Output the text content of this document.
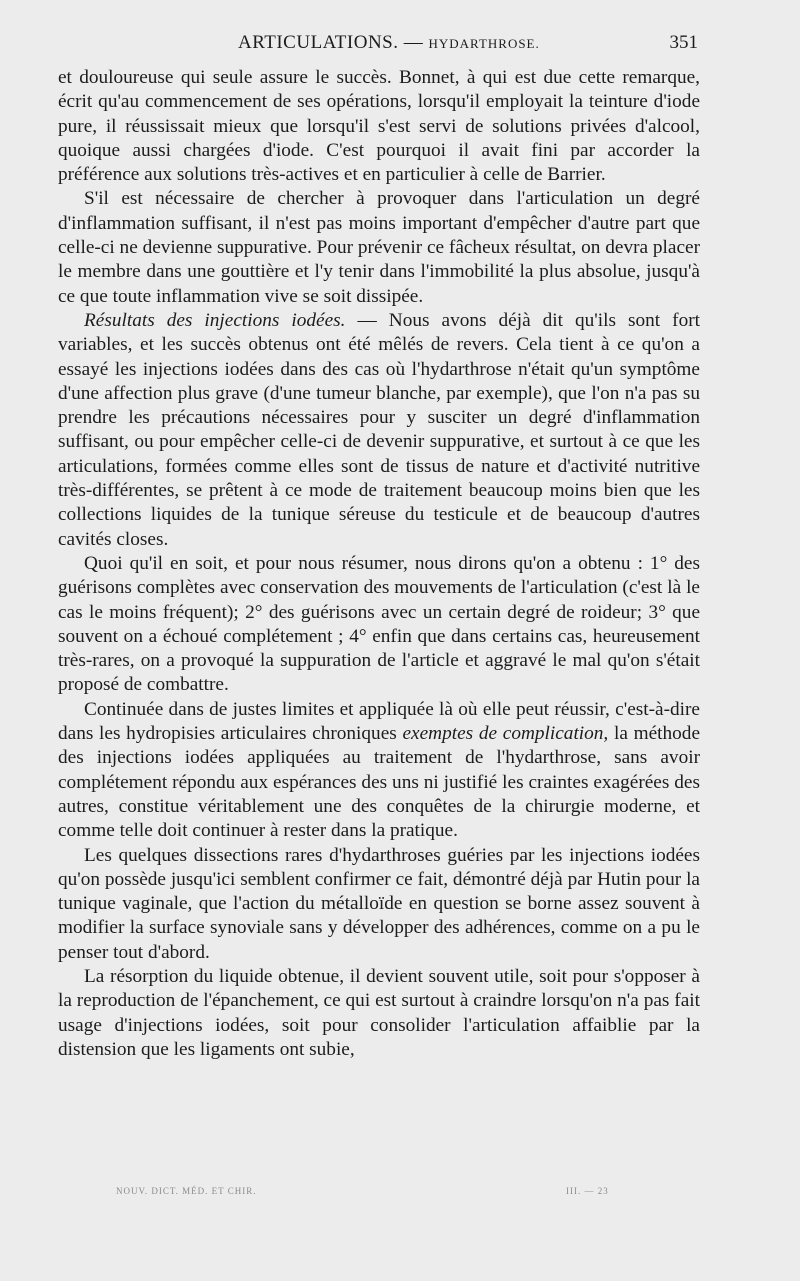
ARTICULATIONS. — HYDARTHROSE.	351

et douloureuse qui seule assure le succès. Bonnet, à qui est due cette remarque, écrit qu'au commencement de ses opérations, lorsqu'il employait la teinture d'iode pure, il réussissait mieux que lorsqu'il s'est servi de solutions privées d'alcool, quoique aussi chargées d'iode. C'est pourquoi il avait fini par accorder la préférence aux solutions très-actives et en particulier à celle de Barrier.

S'il est nécessaire de chercher à provoquer dans l'articulation un degré d'inflammation suffisant, il n'est pas moins important d'empêcher d'autre part que celle-ci ne devienne suppurative. Pour prévenir ce fâcheux résultat, on devra placer le membre dans une gouttière et l'y tenir dans l'immobilité la plus absolue, jusqu'à ce que toute inflammation vive se soit dissipée.

Résultats des injections iodées. — Nous avons déjà dit qu'ils sont fort variables, et les succès obtenus ont été mêlés de revers. Cela tient à ce qu'on a essayé les injections iodées dans des cas où l'hydarthrose n'était qu'un symptôme d'une affection plus grave (d'une tumeur blanche, par exemple), que l'on n'a pas su prendre les précautions nécessaires pour y susciter un degré d'inflammation suffisant, ou pour empêcher celle-ci de devenir suppurative, et surtout à ce que les articulations, formées comme elles sont de tissus de nature et d'activité nutritive très-différentes, se prêtent à ce mode de traitement beaucoup moins bien que les collections liquides de la tunique séreuse du testicule et de beaucoup d'autres cavités closes.

Quoi qu'il en soit, et pour nous résumer, nous dirons qu'on a obtenu : 1° des guérisons complètes avec conservation des mouvements de l'articulation (c'est là le cas le moins fréquent); 2° des guérisons avec un certain degré de roideur; 3° que souvent on a échoué complétement ; 4° enfin que dans certains cas, heureusement très-rares, on a provoqué la suppuration de l'article et aggravé le mal qu'on s'était proposé de combattre.

Continuée dans de justes limites et appliquée là où elle peut réussir, c'est-à-dire dans les hydropisies articulaires chroniques exemptes de complication, la méthode des injections iodées appliquées au traitement de l'hydarthrose, sans avoir complétement répondu aux espérances des uns ni justifié les craintes exagérées des autres, constitue véritablement une des conquêtes de la chirurgie moderne, et comme telle doit continuer à rester dans la pratique.

Les quelques dissections rares d'hydarthroses guéries par les injections iodées qu'on possède jusqu'ici semblent confirmer ce fait, démontré déjà par Hutin pour la tunique vaginale, que l'action du métalloïde en question se borne assez souvent à modifier la surface synoviale sans y développer des adhérences, comme on a pu le penser tout d'abord.

La résorption du liquide obtenue, il devient souvent utile, soit pour s'opposer à la reproduction de l'épanchement, ce qui est surtout à craindre lorsqu'on n'a pas fait usage d'injections iodées, soit pour consolider l'articulation affaiblie par la distension que les ligaments ont subie,

NOUV. DICT. MÉD. ET CHIR.	III. — 23
